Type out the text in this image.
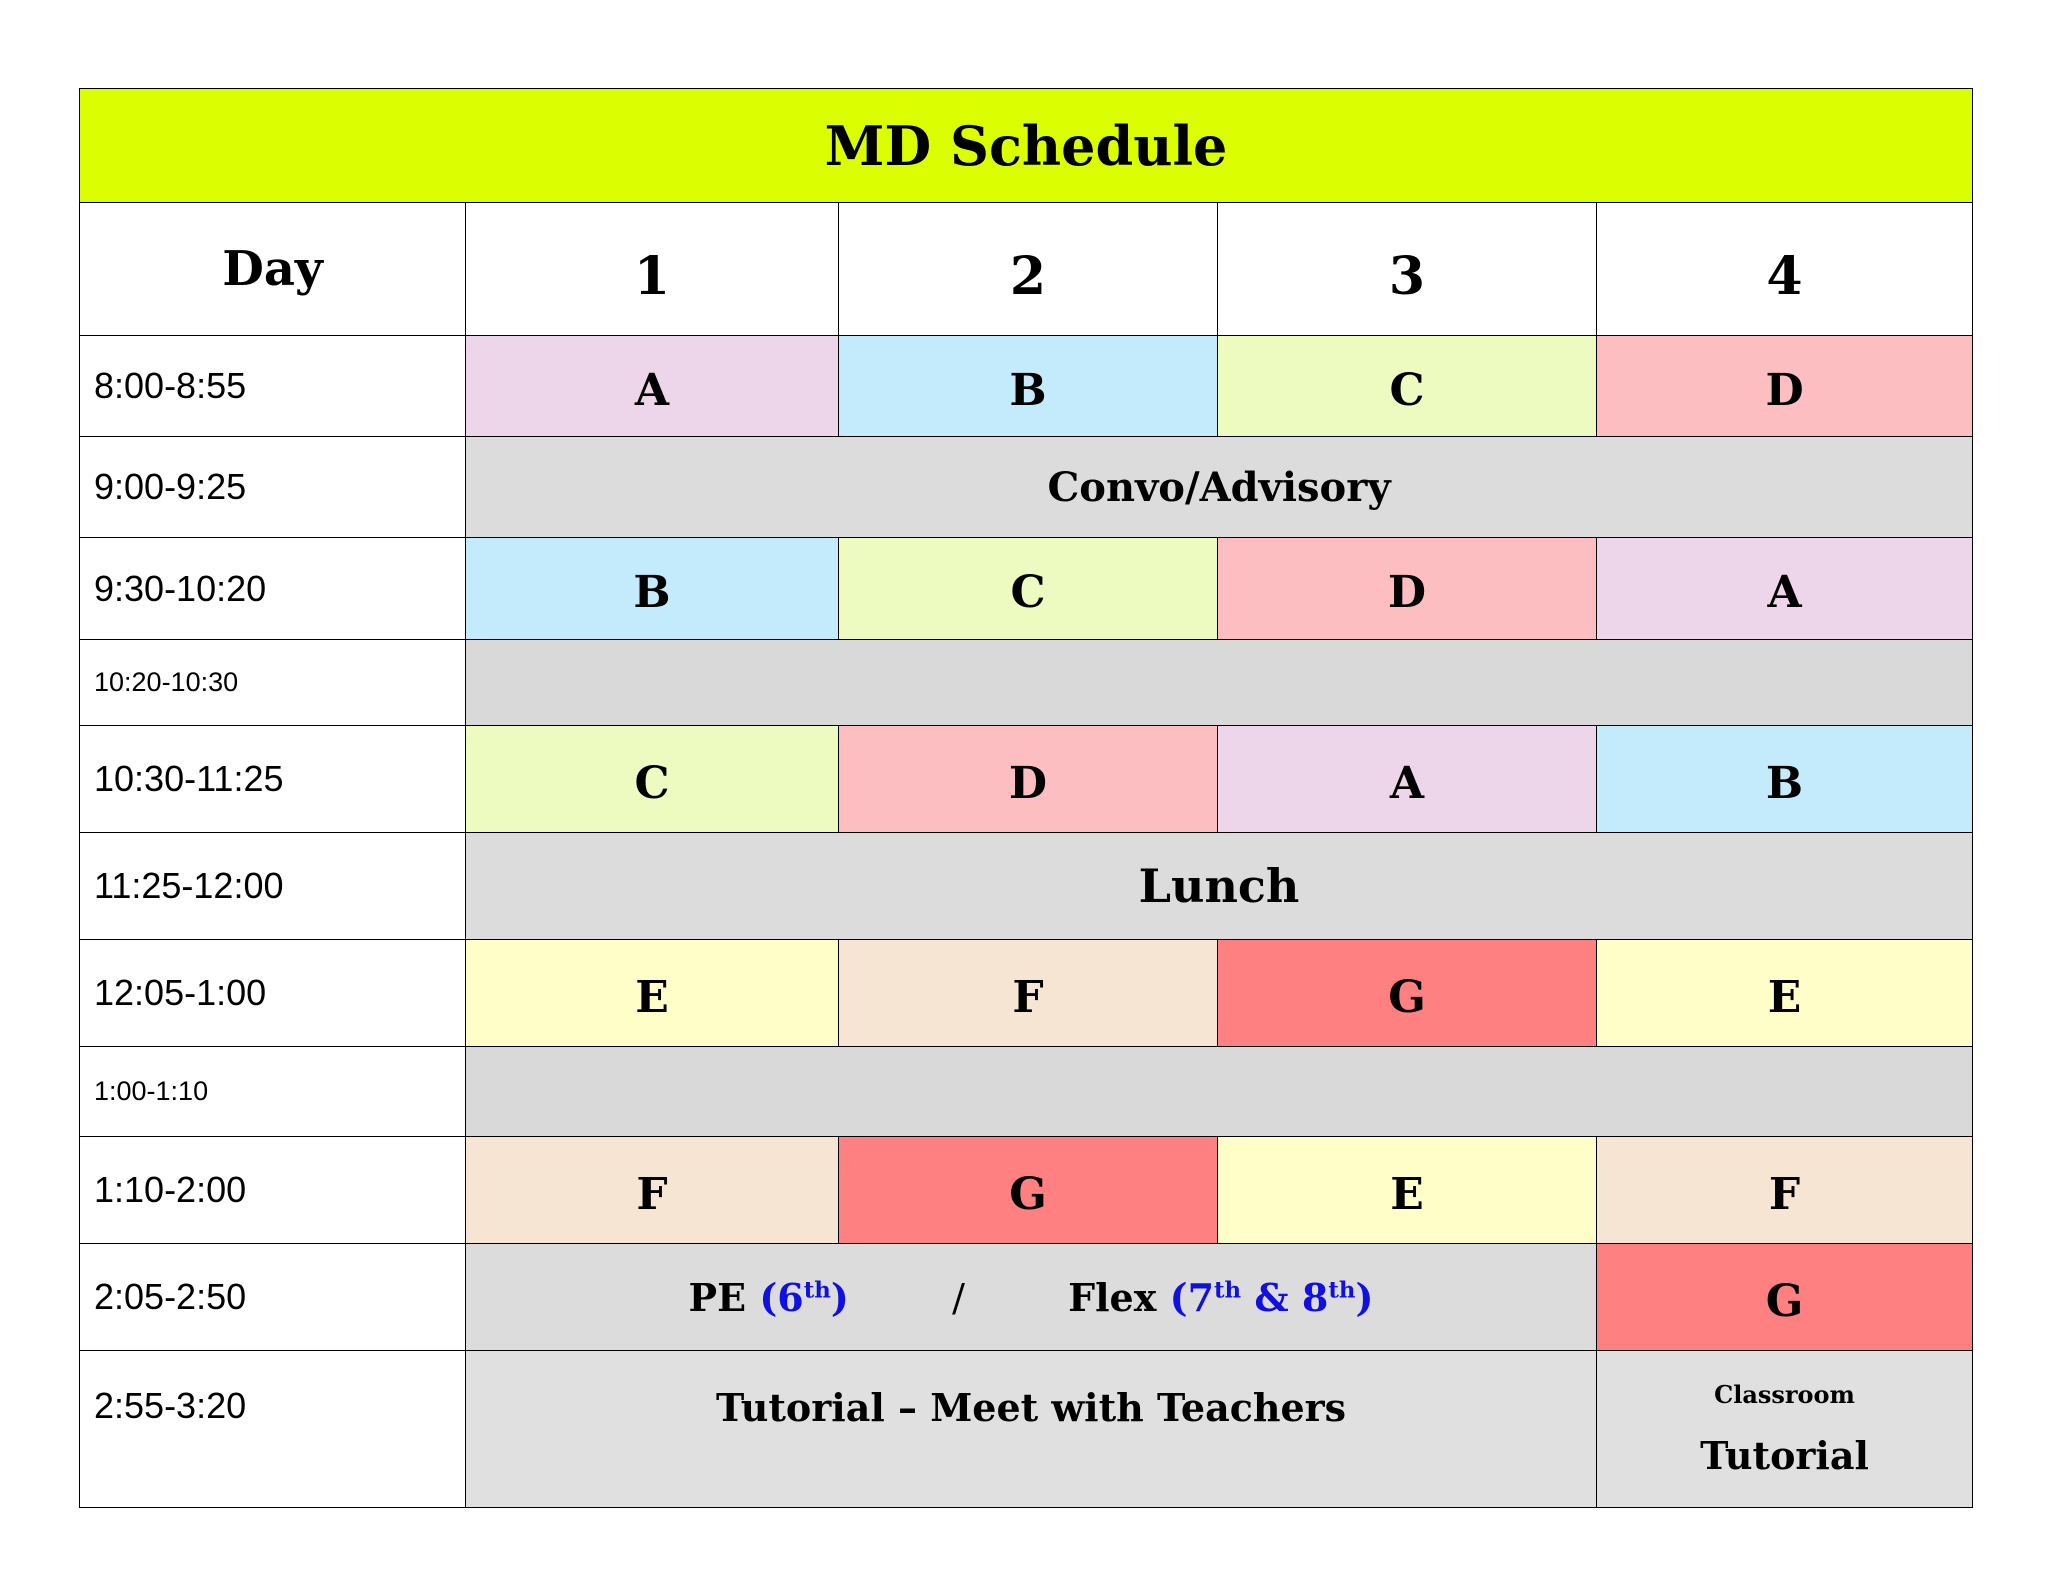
MD Schedule				
Day	1	2	3	4
8:00-8:55	A	B	C	D
9:00-9:25	Convo/Advisory			
9:30-10:20	B	C	D	A
10:20-10:30				
10:30-11:25	C	D	A	B
11:25-12:00	Lunch			
12:05-1:00	E	F	G	E
1:00-1:10				
1:10-2:00	F	G	E	F
2:05-2:50	PE (6th) / Flex (7th & 8th)			G
2:55-3:20	Tutorial – Meet with Teachers			Classroom
Tutorial
